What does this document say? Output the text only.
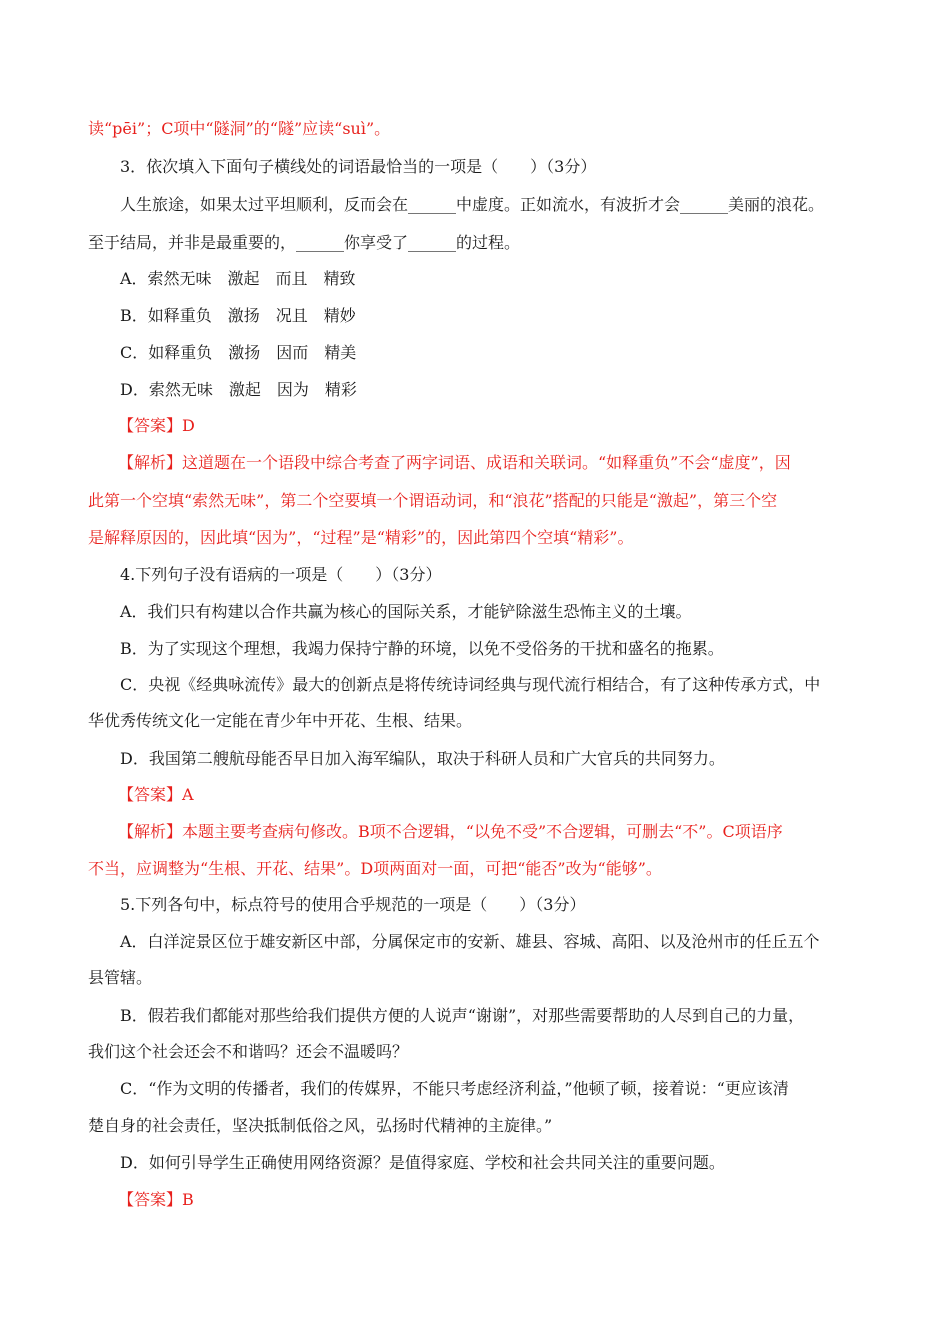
读“pēi”；C项中“隧洞”的“隧”应读“suì”。
3．依次填入下面句子横线处的词语最恰当的一项是（　　）（3分）
人生旅途，如果太过平坦顺利，反而会在______中虚度。正如流水，有波折才会______美丽的浪花。
至于结局，并非是最重要的，______你享受了______的过程。
A．索然无味　激起　而且　精致
B．如释重负　激扬　况且　精妙
C．如释重负　激扬　因而　精美
D．索然无味　激起　因为　精彩
【答案】D
【解析】这道题在一个语段中综合考查了两字词语、成语和关联词。“如释重负”不会“虚度”，因
此第一个空填“索然无味”，第二个空要填一个谓语动词，和“浪花”搭配的只能是“激起”，第三个空
是解释原因的，因此填“因为”，“过程”是“精彩”的，因此第四个空填“精彩”。
4.下列句子没有语病的一项是（　　）（3分）
A．我们只有构建以合作共赢为核心的国际关系，才能铲除滋生恐怖主义的土壤。
B．为了实现这个理想，我竭力保持宁静的环境，以免不受俗务的干扰和盛名的拖累。
C．央视《经典咏流传》最大的创新点是将传统诗词经典与现代流行相结合，有了这种传承方式，中
华优秀传统文化一定能在青少年中开花、生根、结果。
D．我国第二艘航母能否早日加入海军编队，取决于科研人员和广大官兵的共同努力。
【答案】A
【解析】本题主要考查病句修改。B项不合逻辑，“以免不受”不合逻辑，可删去“不”。C项语序
不当，应调整为“生根、开花、结果”。D项两面对一面，可把“能否”改为“能够”。
5.下列各句中，标点符号的使用合乎规范的一项是（　　）（3分）
A．白洋淀景区位于雄安新区中部，分属保定市的安新、雄县、容城、高阳、以及沧州市的任丘五个
县管辖。
B．假若我们都能对那些给我们提供方便的人说声“谢谢”，对那些需要帮助的人尽到自己的力量，
我们这个社会还会不和谐吗？还会不温暖吗？
C．“作为文明的传播者，我们的传媒界，不能只考虑经济利益，”他顿了顿，接着说：“更应该清
楚自身的社会责任，坚决抵制低俗之风，弘扬时代精神的主旋律。”
D．如何引导学生正确使用网络资源？是值得家庭、学校和社会共同关注的重要问题。
【答案】B
